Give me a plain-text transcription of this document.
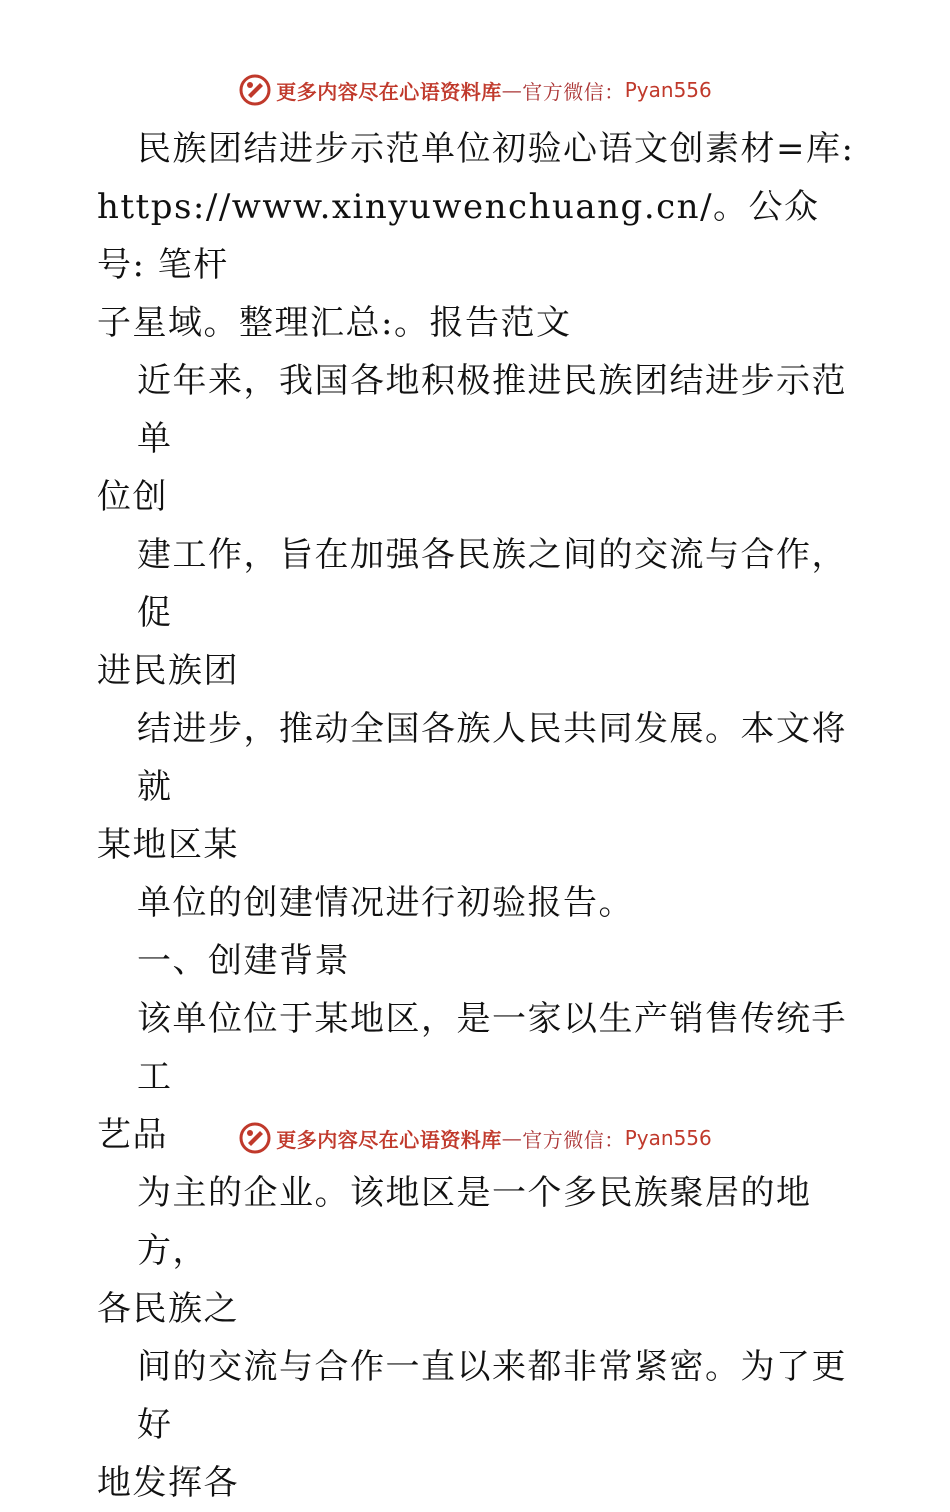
更多内容尽在心语资料库 — 官方微信： Pyan556

民族团结进步示范单位初验心语文创素材=库:

https://www.xinyuwenchuang.cn/。公众号: 笔杆

子星域。整理汇总:。报告范文

近年来，我国各地积极推进民族团结进步示范单

位创

建工作，旨在加强各民族之间的交流与合作，促

进民族团

结进步，推动全国各族人民共同发展。本文将就

某地区某

单位的创建情况进行初验报告。

一、创建背景

该单位位于某地区，是一家以生产销售传统手工

艺品

为主的企业。该地区是一个多民族聚居的地方，

各民族之

间的交流与合作一直以来都非常紧密。为了更好

地发挥各

更多内容尽在心语资料库 — 官方微信： Pyan556
